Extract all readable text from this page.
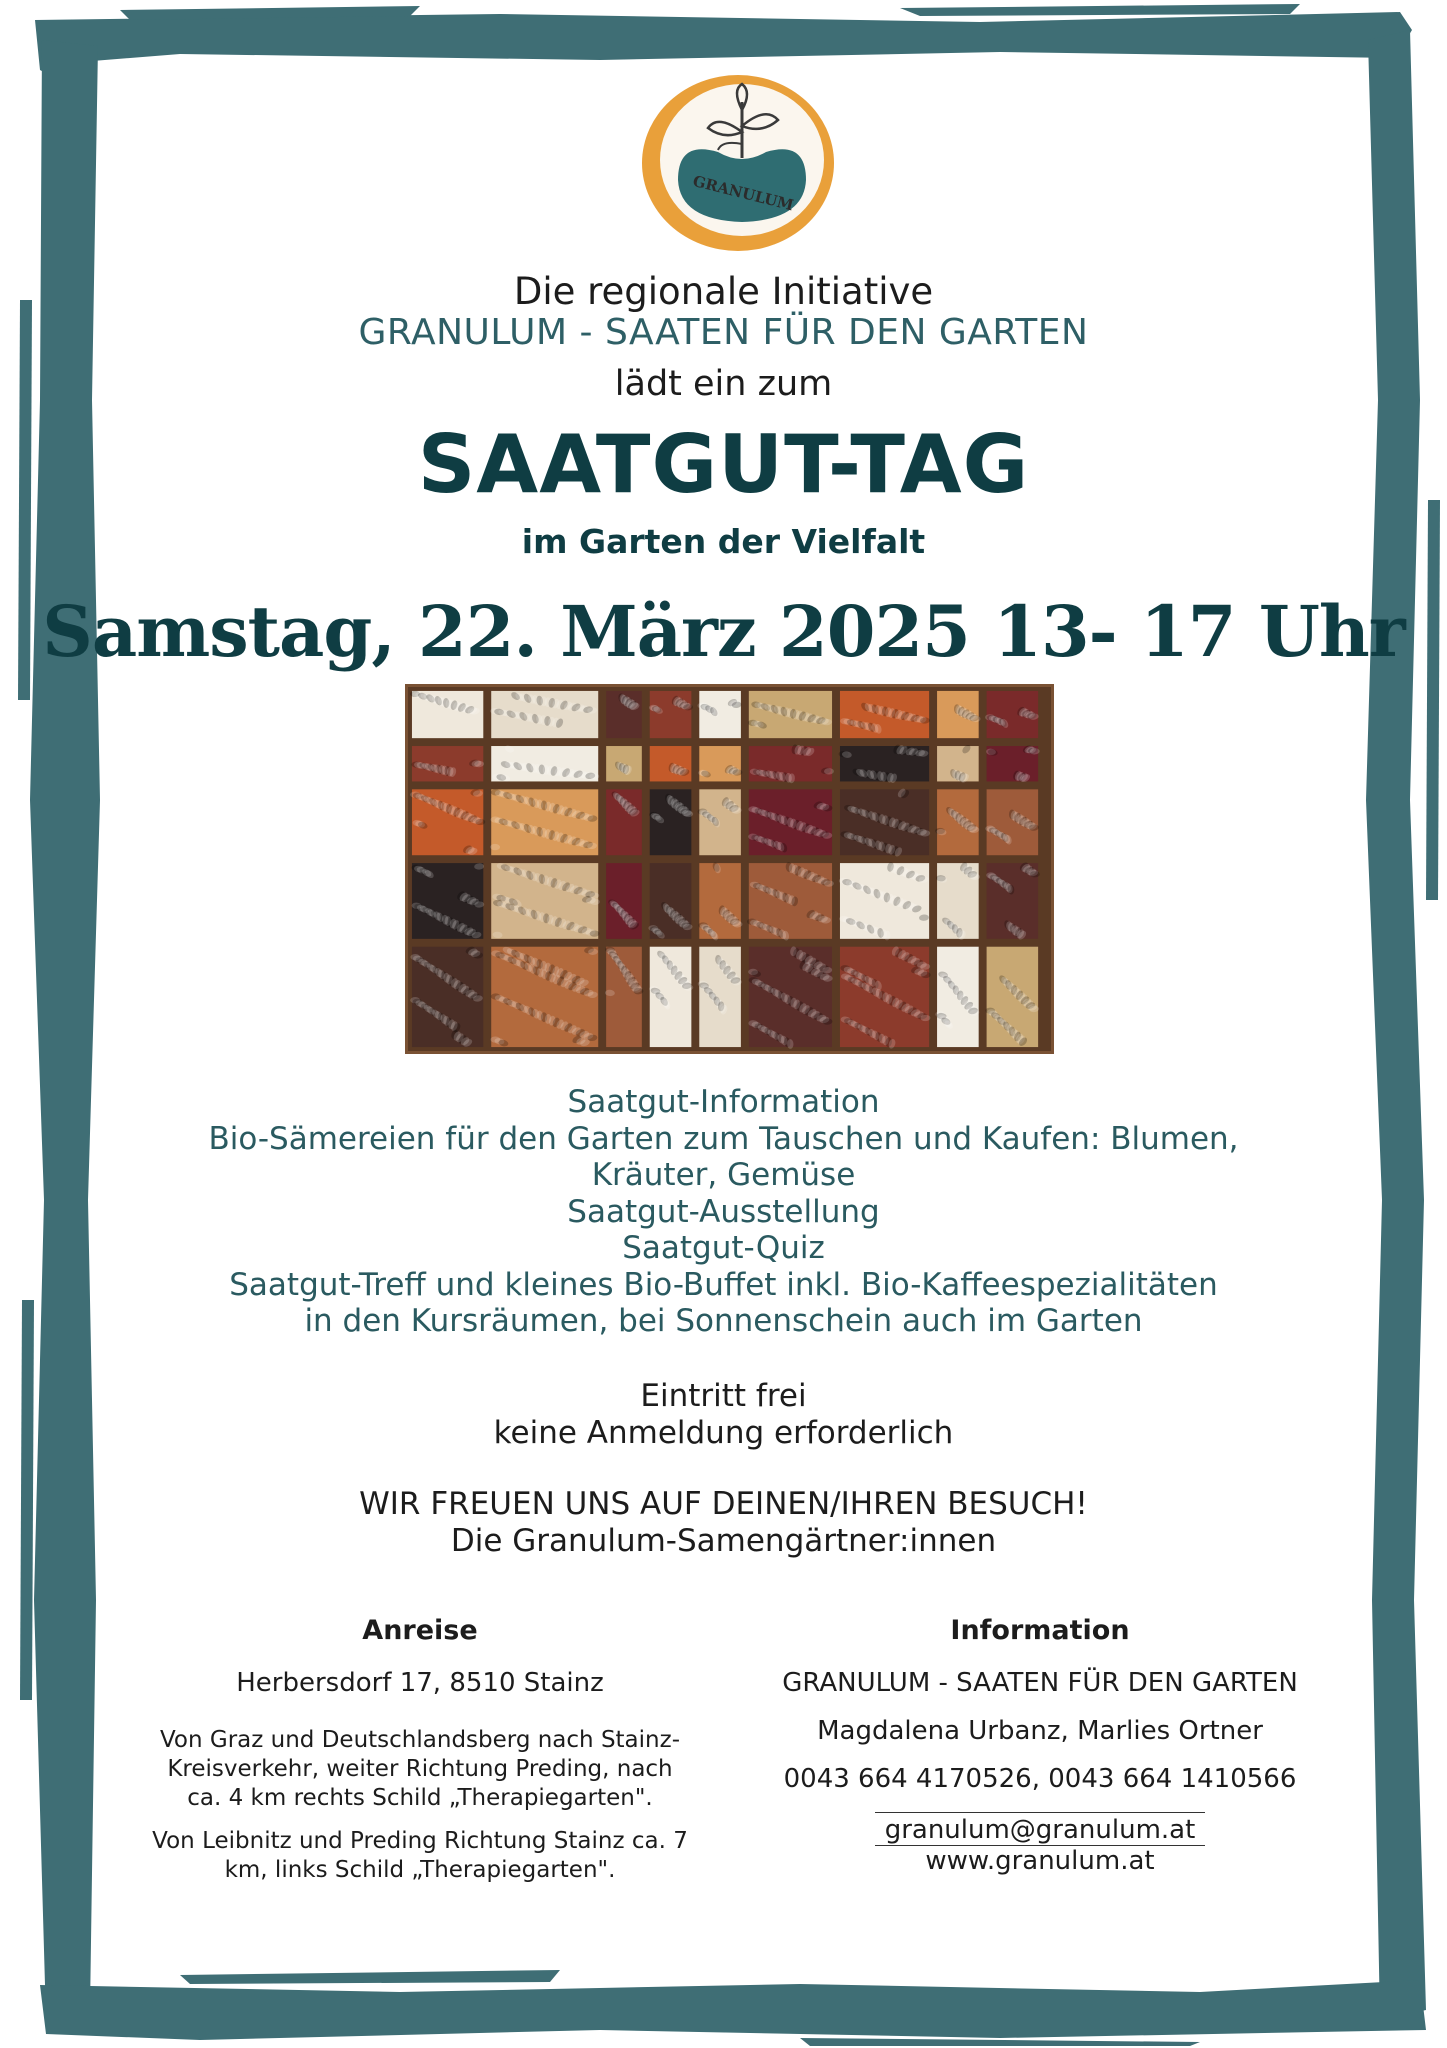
GRANULUM
Die regionale Initiative
GRANULUM - SAATEN FÜR DEN GARTEN
lädt ein zum
SAATGUT-TAG
im Garten der Vielfalt
Samstag, 22. März 2025 13- 17 Uhr
Saatgut-Information
Bio-Sämereien für den Garten zum Tauschen und Kaufen: Blumen, Kräuter, Gemüse
Saatgut-Ausstellung
Saatgut-Quiz
Saatgut-Treff und kleines Bio-Buffet inkl. Bio-Kaffeespezialitäten
in den Kursräumen, bei Sonnenschein auch im Garten
Eintritt frei
keine Anmeldung erforderlich
WIR FREUEN UNS AUF DEINEN/IHREN BESUCH!
Die Granulum-Samengärtner:innen
Anreise
Herbersdorf 17, 8510 Stainz
Von Graz und Deutschlandsberg nach Stainz-Kreisverkehr, weiter Richtung Preding, nach ca. 4 km rechts Schild „Therapiegarten".
Von Leibnitz und Preding Richtung Stainz ca. 7 km, links Schild „Therapiegarten".
Information
GRANULUM - SAATEN FÜR DEN GARTEN
Magdalena Urbanz, Marlies Ortner
0043 664 4170526, 0043 664 1410566
granulum@granulum.at
www.granulum.at
